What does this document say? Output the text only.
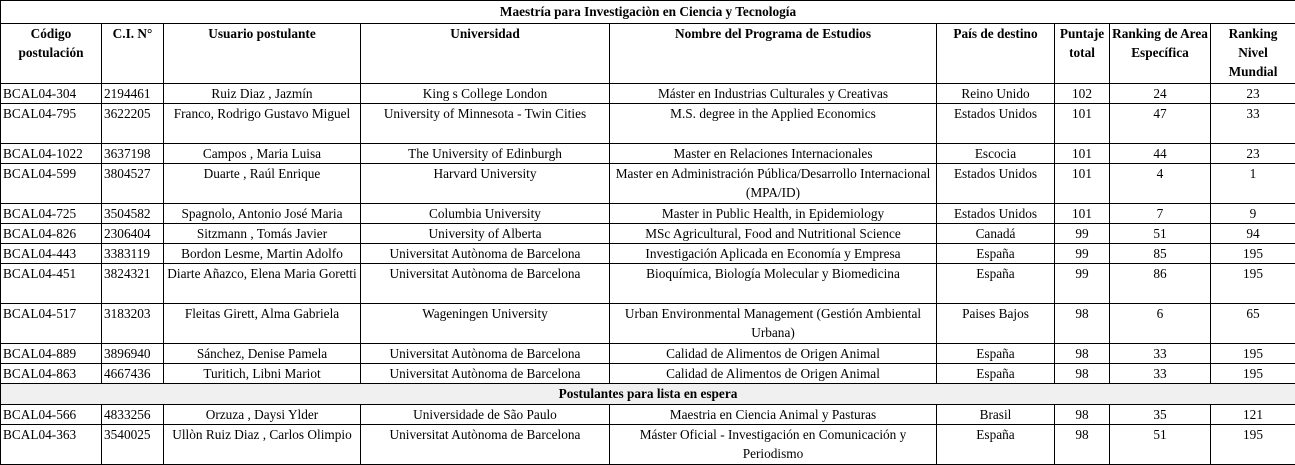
Maestría para Investigaciòn en Ciencia y Tecnología								
Código postulación	C.I. N°	Usuario postulante	Universidad	Nombre del Programa de Estudios	País de destino	Puntaje total	Ranking de Area Específica	Ranking Nivel Mundial
BCAL04-304	2194461	Ruiz Diaz , Jazmín	King s College London	Máster en Industrias Culturales y Creativas	Reino Unido	102	24	23
BCAL04-795	3622205	Franco, Rodrigo Gustavo Miguel	University of Minnesota - Twin Cities	M.S. degree in the Applied Economics	Estados Unidos	101	47	33
BCAL04-1022	3637198	Campos , Maria Luisa	The University of Edinburgh	Master en Relaciones Internacionales	Escocia	101	44	23
BCAL04-599	3804527	Duarte , Raúl Enrique	Harvard University	Master en Administración Pública/Desarrollo Internacional (MPA/ID)	Estados Unidos	101	4	1
BCAL04-725	3504582	Spagnolo, Antonio José Maria	Columbia University	Master in Public Health, in Epidemiology	Estados Unidos	101	7	9
BCAL04-826	2306404	Sitzmann , Tomás Javier	University of Alberta	MSc Agricultural, Food and Nutritional Science	Canadá	99	51	94
BCAL04-443	3383119	Bordon Lesme, Martin Adolfo	Universitat Autònoma de Barcelona	Investigación Aplicada en Economía y Empresa	España	99	85	195
BCAL04-451	3824321	Diarte Añazco, Elena Maria Goretti	Universitat Autònoma de Barcelona	Bioquímica, Biología Molecular y Biomedicina	España	99	86	195
BCAL04-517	3183203	Fleitas Girett, Alma Gabriela	Wageningen University	Urban Environmental Management (Gestión Ambiental Urbana)	Paises Bajos	98	6	65
BCAL04-889	3896940	Sánchez, Denise Pamela	Universitat Autònoma de Barcelona	Calidad de Alimentos de Origen Animal	España	98	33	195
BCAL04-863	4667436	Turitich, Libni Mariot	Universitat Autònoma de Barcelona	Calidad de Alimentos de Origen Animal	España	98	33	195
Postulantes para lista en espera								
BCAL04-566	4833256	Orzuza , Daysi Ylder	Universidade de São Paulo	Maestria en Ciencia Animal y Pasturas	Brasil	98	35	121
BCAL04-363	3540025	Ullòn Ruiz Diaz , Carlos Olimpio	Universitat Autònoma de Barcelona	Máster Oficial - Investigación en Comunicación y Periodismo	España	98	51	195
